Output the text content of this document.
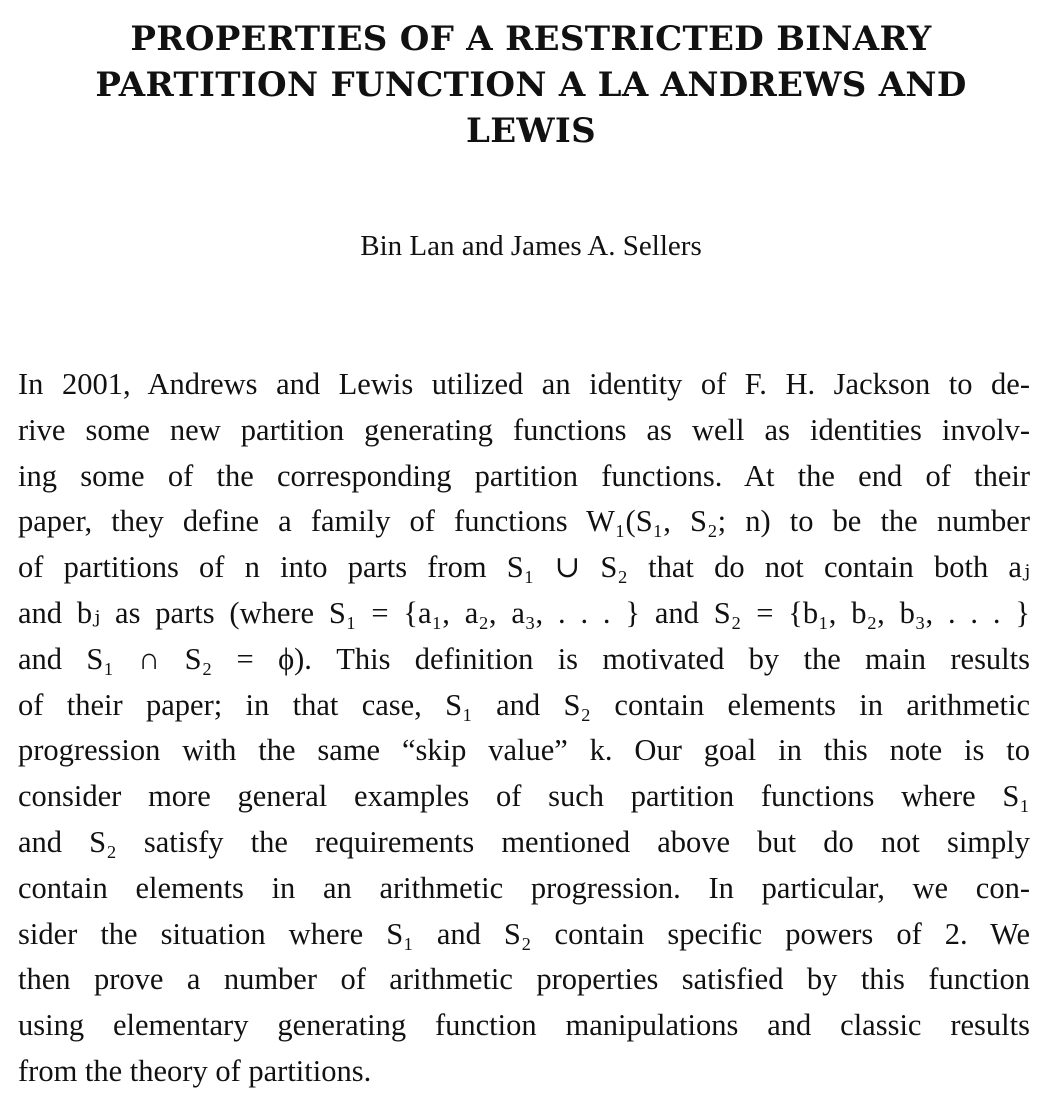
PROPERTIES OF A RESTRICTED BINARY PARTITION FUNCTION A LA ANDREWS AND LEWIS
Bin Lan and James A. Sellers
In 2001, Andrews and Lewis utilized an identity of F. H. Jackson to de-
rive some new partition generating functions as well as identities involv-
ing some of the corresponding partition functions. At the end of their
paper, they define a family of functions W₁(S₁, S₂; n) to be the number
of partitions of n into parts from S₁ ∪ S₂ that do not contain both aⱼ
and bⱼ as parts (where S₁ = {a₁, a₂, a₃, . . . } and S₂ = {b₁, b₂, b₃, . . . }
and S₁ ∩ S₂ = ϕ). This definition is motivated by the main results
of their paper; in that case, S₁ and S₂ contain elements in arithmetic
progression with the same “skip value” k. Our goal in this note is to
consider more general examples of such partition functions where S₁
and S₂ satisfy the requirements mentioned above but do not simply
contain elements in an arithmetic progression. In particular, we con-
sider the situation where S₁ and S₂ contain specific powers of 2. We
then prove a number of arithmetic properties satisfied by this function
using elementary generating function manipulations and classic results
from the theory of partitions.
